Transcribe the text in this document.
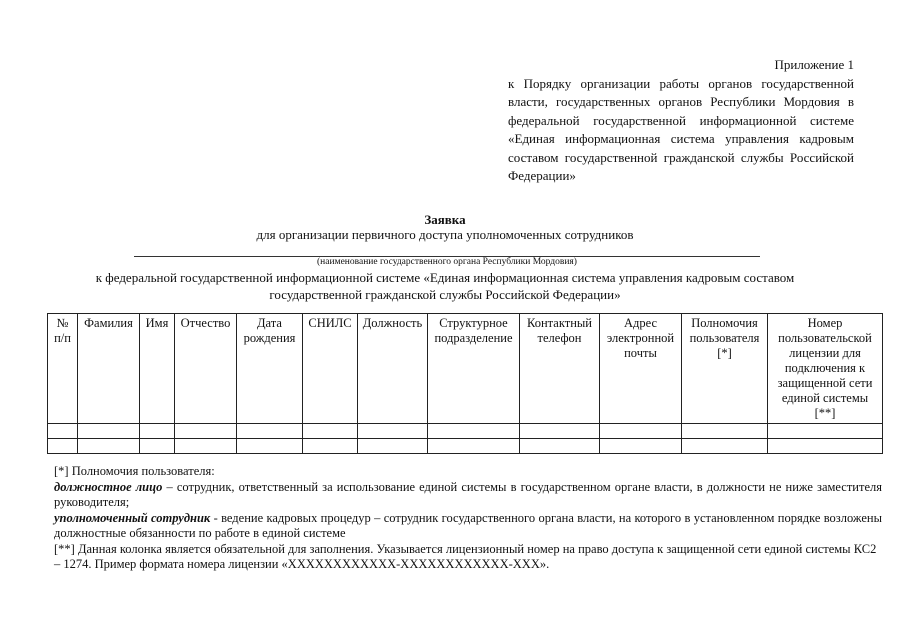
Приложение 1
к Порядку организации работы органов государственной власти, государственных органов Республики Мордовия в федеральной государственной информационной системе «Единая информационная система управления кадровым составом государственной гражданской службы Российской Федерации»
Заявка
для организации первичного доступа уполномоченных сотрудников
(наименование государственного органа Республики Мордовия)
к федеральной государственной информационной системе «Единая информационная система управления кадровым составом
государственной гражданской службы Российской Федерации»
№ п/п	Фамилия	Имя	Отчество	Дата рождения	СНИЛС	Должность	Структурное подразделение	Контактный телефон	Адрес электронной почты	Полномочия пользователя [*]	Номер пользовательской лицензии для подключения к защищенной сети единой системы [**]

[*] Полномочия пользователя:

должностное лицо – сотрудник, ответственный за использование единой системы в государственном органе власти, в должности не ниже заместителя руководителя;

уполномоченный сотрудник - ведение кадровых процедур – сотрудник государственного органа власти, на которого в установленном порядке возложены должностные обязанности по работе в единой системе

[**] Данная колонка является обязательной для заполнения. Указывается лицензионный номер на право доступа к защищенной сети единой системы КС2 – 1274. Пример формата номера лицензии «XXXXXXXXXXXX-XXXXXXXXXXXX-XXX».
